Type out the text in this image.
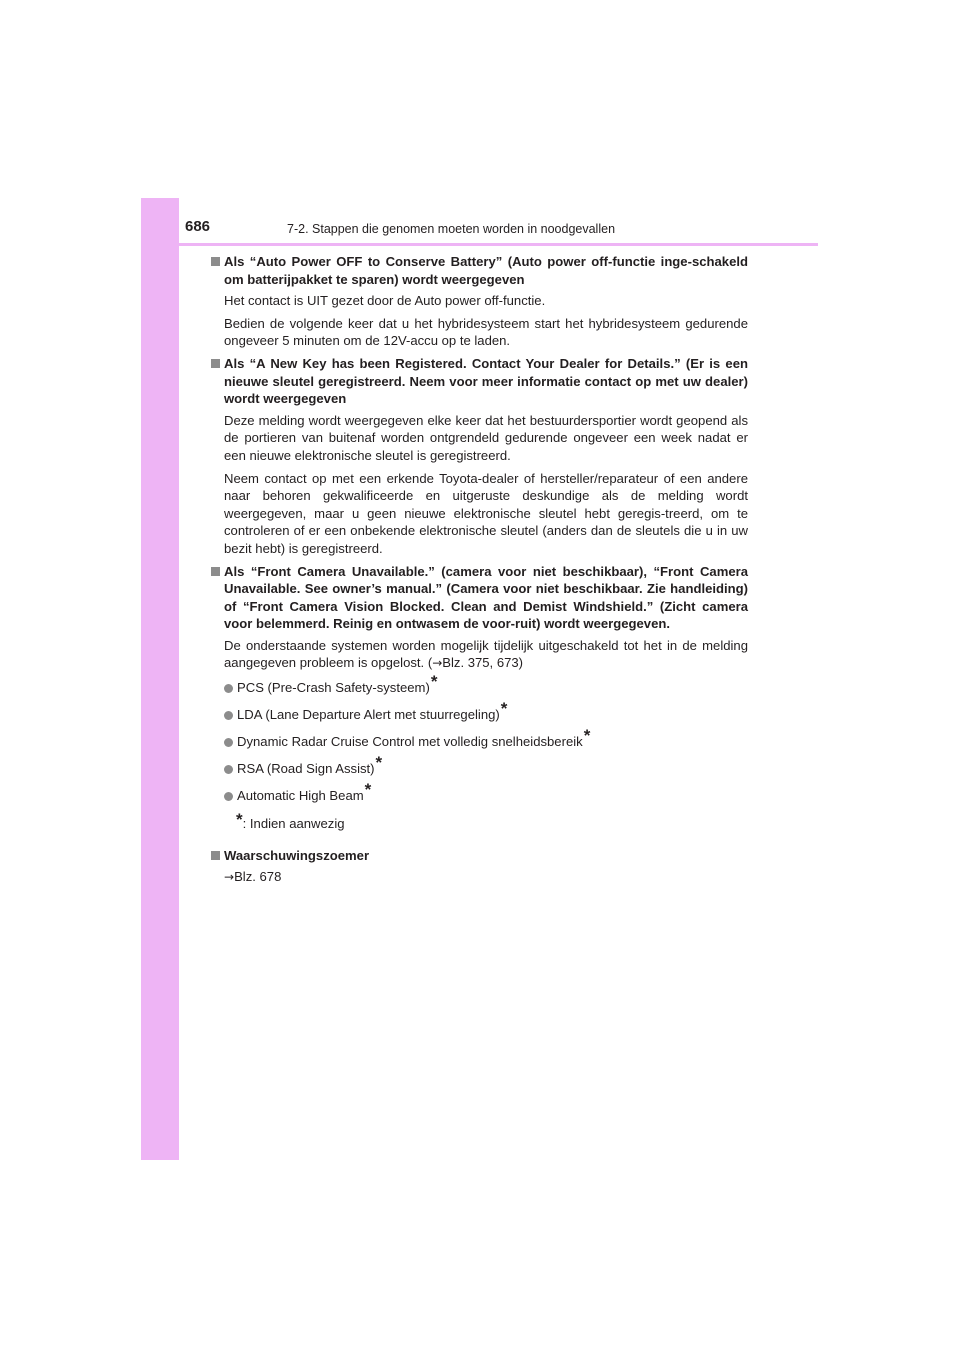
686	7-2. Stappen die genomen moeten worden in noodgevallen
Als “Auto Power OFF to Conserve Battery” (Auto power off-functie inge-schakeld om batterijpakket te sparen) wordt weergegeven
Het contact is UIT gezet door de Auto power off-functie.
Bedien de volgende keer dat u het hybridesysteem start het hybridesysteem gedurende ongeveer 5 minuten om de 12V-accu op te laden.
Als “A New Key has been Registered. Contact Your Dealer for Details.” (Er is een nieuwe sleutel geregistreerd. Neem voor meer informatie contact op met uw dealer) wordt weergegeven
Deze melding wordt weergegeven elke keer dat het bestuurdersportier wordt geopend als de portieren van buitenaf worden ontgrendeld gedurende ongeveer een week nadat er een nieuwe elektronische sleutel is geregistreerd.
Neem contact op met een erkende Toyota-dealer of hersteller/reparateur of een andere naar behoren gekwalificeerde en uitgeruste deskundige als de melding wordt weergegeven, maar u geen nieuwe elektronische sleutel hebt geregis-treerd, om te controleren of er een onbekende elektronische sleutel (anders dan de sleutels die u in uw bezit hebt) is geregistreerd.
Als “Front Camera Unavailable.” (camera voor niet beschikbaar), “Front Camera Unavailable. See owner’s manual.” (Camera voor niet beschikbaar. Zie handleiding) of “Front Camera Vision Blocked. Clean and Demist Windshield.” (Zicht camera voor belemmerd. Reinig en ontwasem de voor-ruit) wordt weergegeven.
De onderstaande systemen worden mogelijk tijdelijk uitgeschakeld tot het in de melding aangegeven probleem is opgelost. (→Blz. 375, 673)
PCS (Pre-Crash Safety-systeem)*
LDA (Lane Departure Alert met stuurregeling)*
Dynamic Radar Cruise Control met volledig snelheidsbereik*
RSA (Road Sign Assist)*
Automatic High Beam*
*: Indien aanwezig
Waarschuwingszoemer
→Blz. 678
